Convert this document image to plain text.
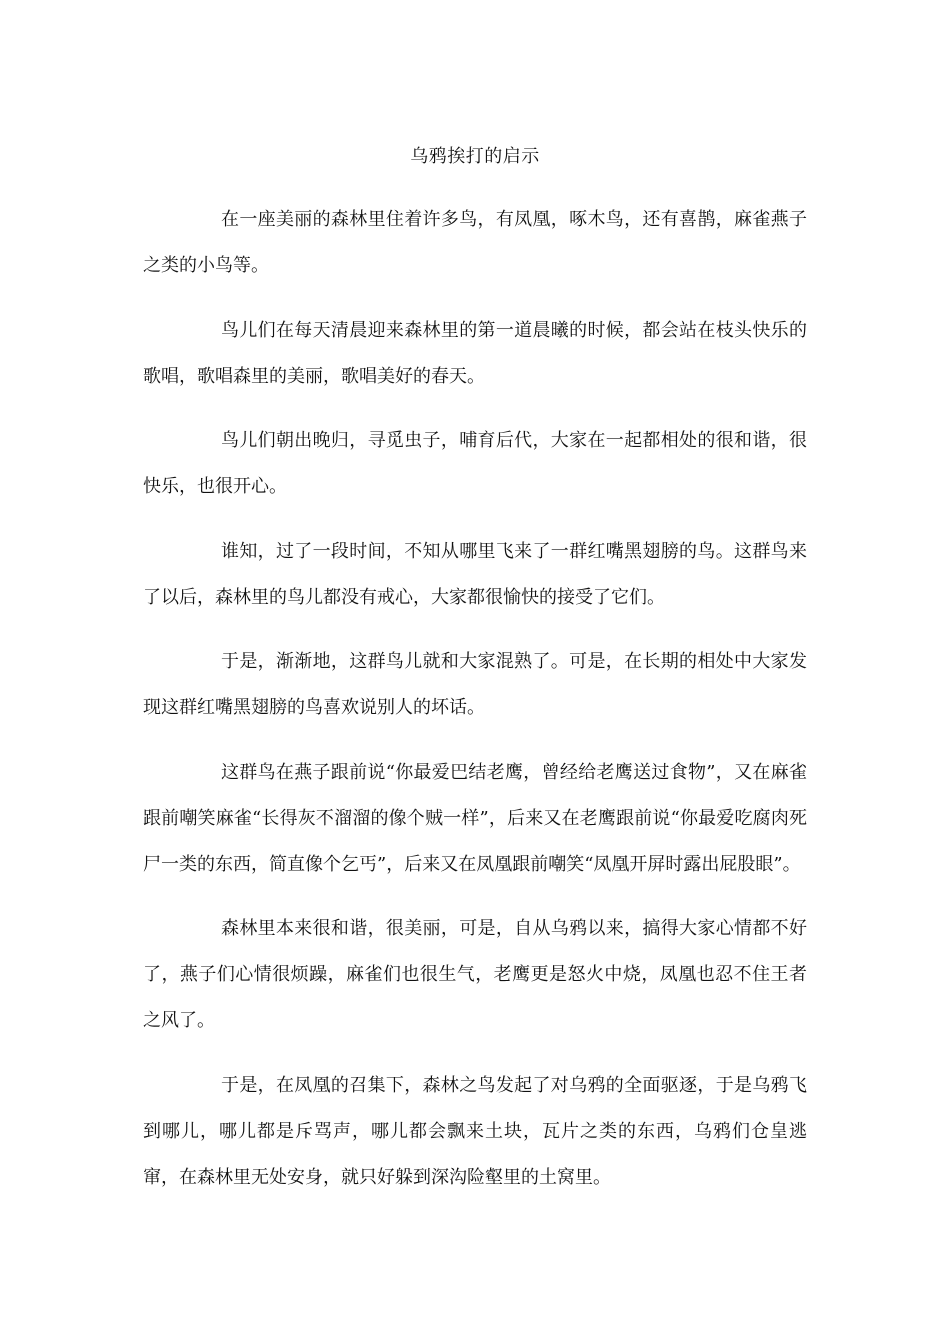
乌鸦挨打的启示

在一座美丽的森林里住着许多鸟，有凤凰，啄木鸟，还有喜鹊，麻雀燕子之类的小鸟等。

鸟儿们在每天清晨迎来森林里的第一道晨曦的时候，都会站在枝头快乐的歌唱，歌唱森里的美丽，歌唱美好的春天。

鸟儿们朝出晚归，寻觅虫子，哺育后代，大家在一起都相处的很和谐，很快乐，也很开心。

谁知，过了一段时间，不知从哪里飞来了一群红嘴黑翅膀的鸟。这群鸟来了以后，森林里的鸟儿都没有戒心，大家都很愉快的接受了它们。

于是，渐渐地，这群鸟儿就和大家混熟了。可是，在长期的相处中大家发现这群红嘴黑翅膀的鸟喜欢说别人的坏话。

这群鸟在燕子跟前说“你最爱巴结老鹰，曾经给老鹰送过食物”，又在麻雀跟前嘲笑麻雀“长得灰不溜溜的像个贼一样”，后来又在老鹰跟前说“你最爱吃腐肉死尸一类的东西，简直像个乞丐”，后来又在凤凰跟前嘲笑“凤凰开屏时露出屁股眼”。

森林里本来很和谐，很美丽，可是，自从乌鸦以来，搞得大家心情都不好了，燕子们心情很烦躁，麻雀们也很生气，老鹰更是怒火中烧，凤凰也忍不住王者之风了。

于是，在凤凰的召集下，森林之鸟发起了对乌鸦的全面驱逐，于是乌鸦飞到哪儿，哪儿都是斥骂声，哪儿都会飘来土块，瓦片之类的东西，乌鸦们仓皇逃窜，在森林里无处安身，就只好躲到深沟险壑里的土窝里。
